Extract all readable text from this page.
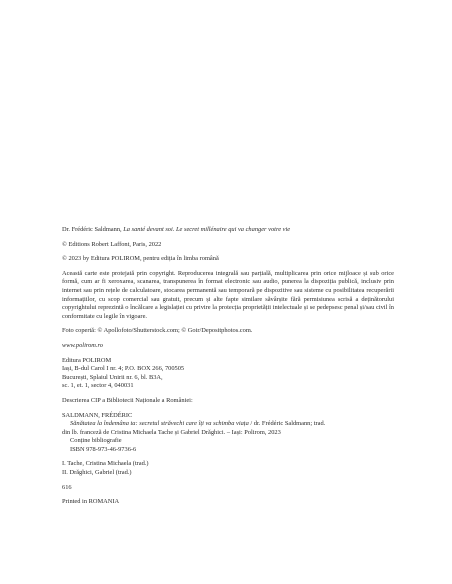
Dr. Frédéric Saldmann, La santé devant soi. Le secret millénaire qui va changer votre vie

© Editions Robert Laffont, Paris, 2022

© 2023 by Editura POLIROM, pentru ediția în limba română

Această carte este protejată prin copyright. Reproducerea integrală sau parțială, multiplicarea prin orice mijloace și sub orice formă, cum ar fi xeroxarea, scanarea, transpunerea în format electronic sau audio, punerea la dispoziția publică, inclusiv prin internet sau prin rețele de calculatoare, stocarea permanentă sau temporară pe dispozitive sau sisteme cu posibilitatea recuperării informațiilor, cu scop comercial sau gratuit, precum și alte fapte similare săvârșite fără permisiunea scrisă a deținătorului copyrightului reprezintă o încălcare a legislației cu privire la protecția proprietății intelectuale și se pedepsesc penal și/sau civil în conformitate cu legile în vigoare.

Foto copertă: © Apollofoto/Shutterstock.com; © Goir/Depositphotos.com.

www.polirom.ro

Editura POLIROM

Iași, B-dul Carol I nr. 4; P.O. BOX 266, 700505

București, Splaiul Unirii nr. 6, bl. B3A,

sc. 1, et. 1, sector 4, 040031

Descrierea CIP a Bibliotecii Naționale a României:

SALDMANN, FRÉDÉRIC

Sănătatea la îndemâna ta: secretul străvechi care îți va schimba viața / dr. Frédéric Saldmann; trad.

din lb. franceză de Cristina Michaela Tache și Gabriel Drăghici. – Iași: Polirom, 2023

Conține bibliografie

ISBN 978-973-46-9736-6

I. Tache, Cristina Michaela (trad.)

II. Drăghici, Gabriel (trad.)

616

Printed in ROMANIA
